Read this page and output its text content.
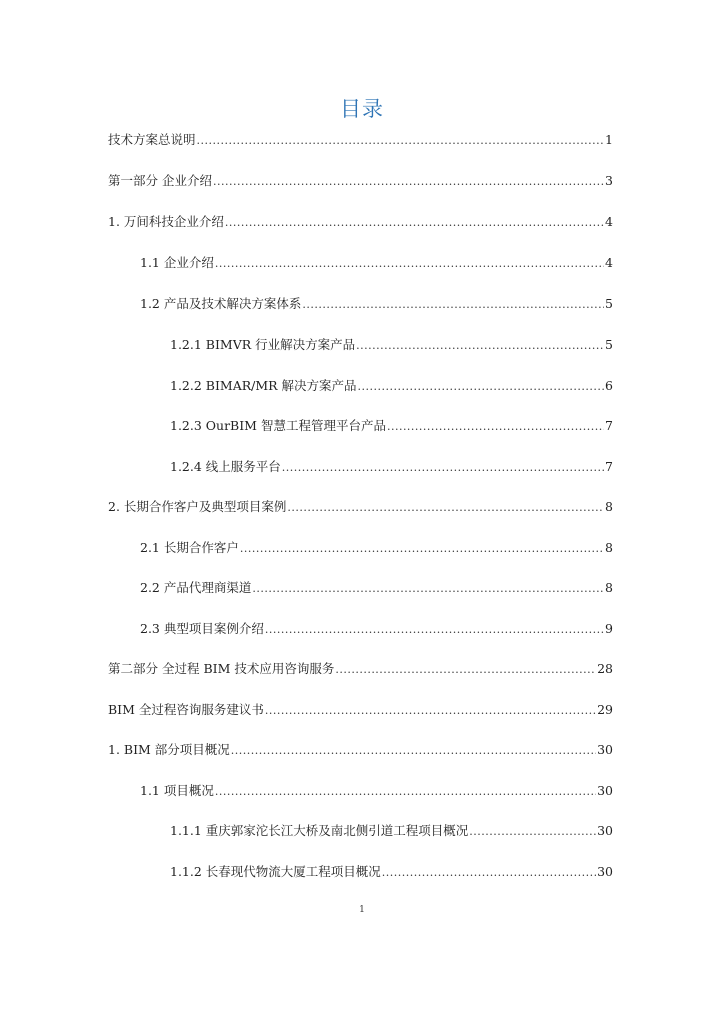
目录
技术方案总说明 .....	1
第一部分 企业介绍 .....	3
1. 万间科技企业介绍 .....	4
1.1 企业介绍 .....	4
1.2 产品及技术解决方案体系 .....	5
1.2.1 BIMVR 行业解决方案产品 .....	5
1.2.2 BIMAR/MR 解决方案产品 .....	6
1.2.3 OurBIM 智慧工程管理平台产品 .....	7
1.2.4 线上服务平台 .....	7
2. 长期合作客户及典型项目案例 .....	8
2.1 长期合作客户 .....	8
2.2 产品代理商渠道 .....	8
2.3 典型项目案例介绍 .....	9
第二部分 全过程 BIM 技术应用咨询服务 .....	28
BIM 全过程咨询服务建议书 .....	29
1. BIM 部分项目概况 .....	30
1.1 项目概况 .....	30
1.1.1 重庆郭家沱长江大桥及南北侧引道工程项目概况 .....	30
1.1.2 长春现代物流大厦工程项目概况 .....	30
1
